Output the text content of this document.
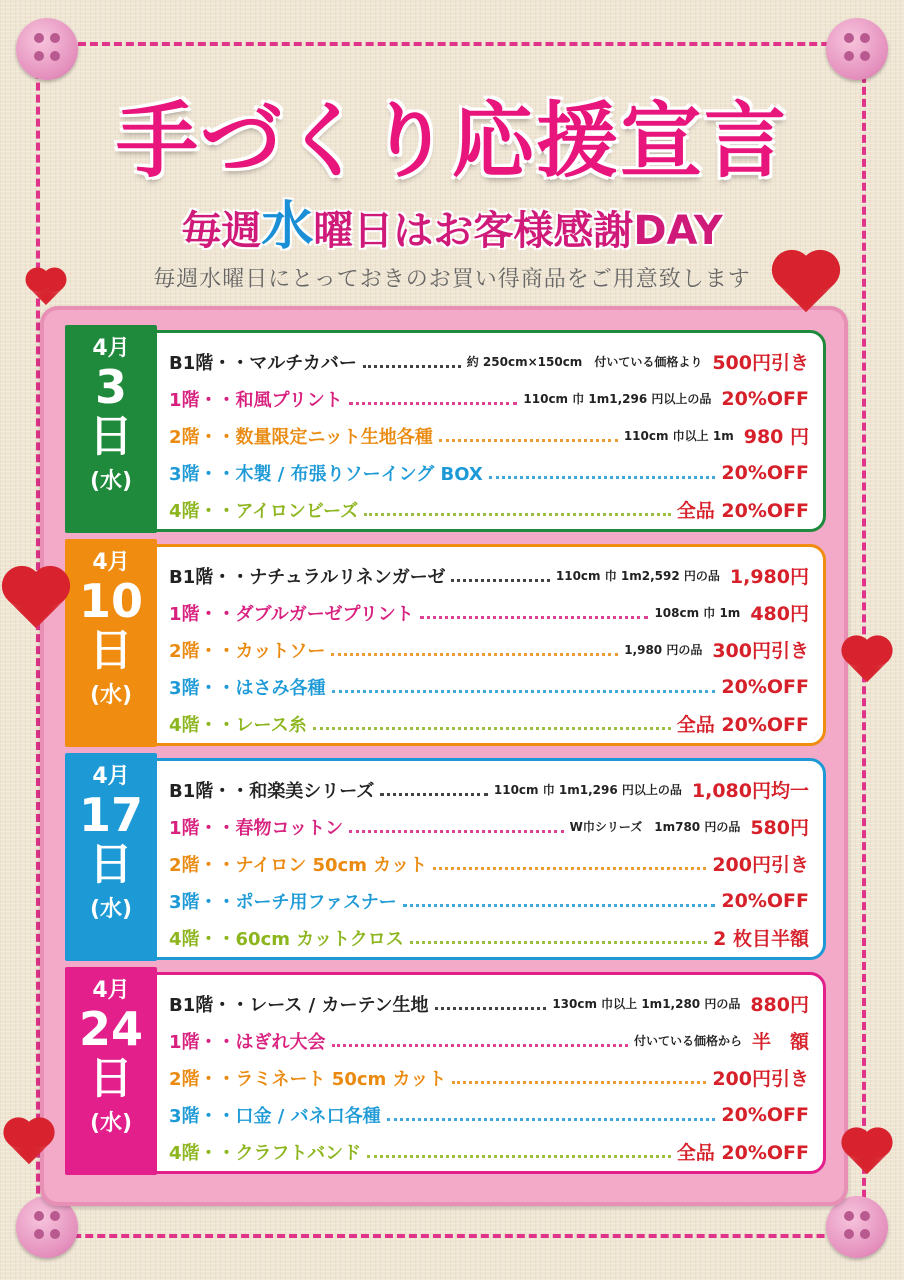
手づくり応援宣言
毎週水曜日はお客様感謝DAY
毎週水曜日にとっておきのお買い得商品をご用意致します
4月
3
日
(水)
B1階・・マルチカバー	約 250cm×150cm　付いている価格より 500円引き
1階・・和風プリント	110cm 巾 1m1,296 円以上の品 20%OFF
2階・・数量限定ニット生地各種	110cm 巾以上 1m 980 円
3階・・木製 / 布張りソーイング BOX	20%OFF
4階・・アイロンビーズ	全品 20%OFF
4月
10
日
(水)
B1階・・ナチュラルリネンガーゼ	110cm 巾 1m2,592 円の品 1,980円
1階・・ダブルガーゼプリント	108cm 巾 1m 480円
2階・・カットソー	1,980 円の品 300円引き
3階・・はさみ各種	20%OFF
4階・・レース糸	全品 20%OFF
4月
17
日
(水)
B1階・・和楽美シリーズ	110cm 巾 1m1,296 円以上の品 1,080円均一
1階・・春物コットン	W巾シリーズ　1m780 円の品 580円
2階・・ナイロン 50cm カット	200円引き
3階・・ポーチ用ファスナー	20%OFF
4階・・60cm カットクロス	2 枚目半額
4月
24
日
(水)
B1階・・レース / カーテン生地	130cm 巾以上 1m1,280 円の品 880円
1階・・はぎれ大会	付いている価格から 半　額
2階・・ラミネート 50cm カット	200円引き
3階・・口金 / バネ口各種	20%OFF
4階・・クラフトバンド	全品 20%OFF
